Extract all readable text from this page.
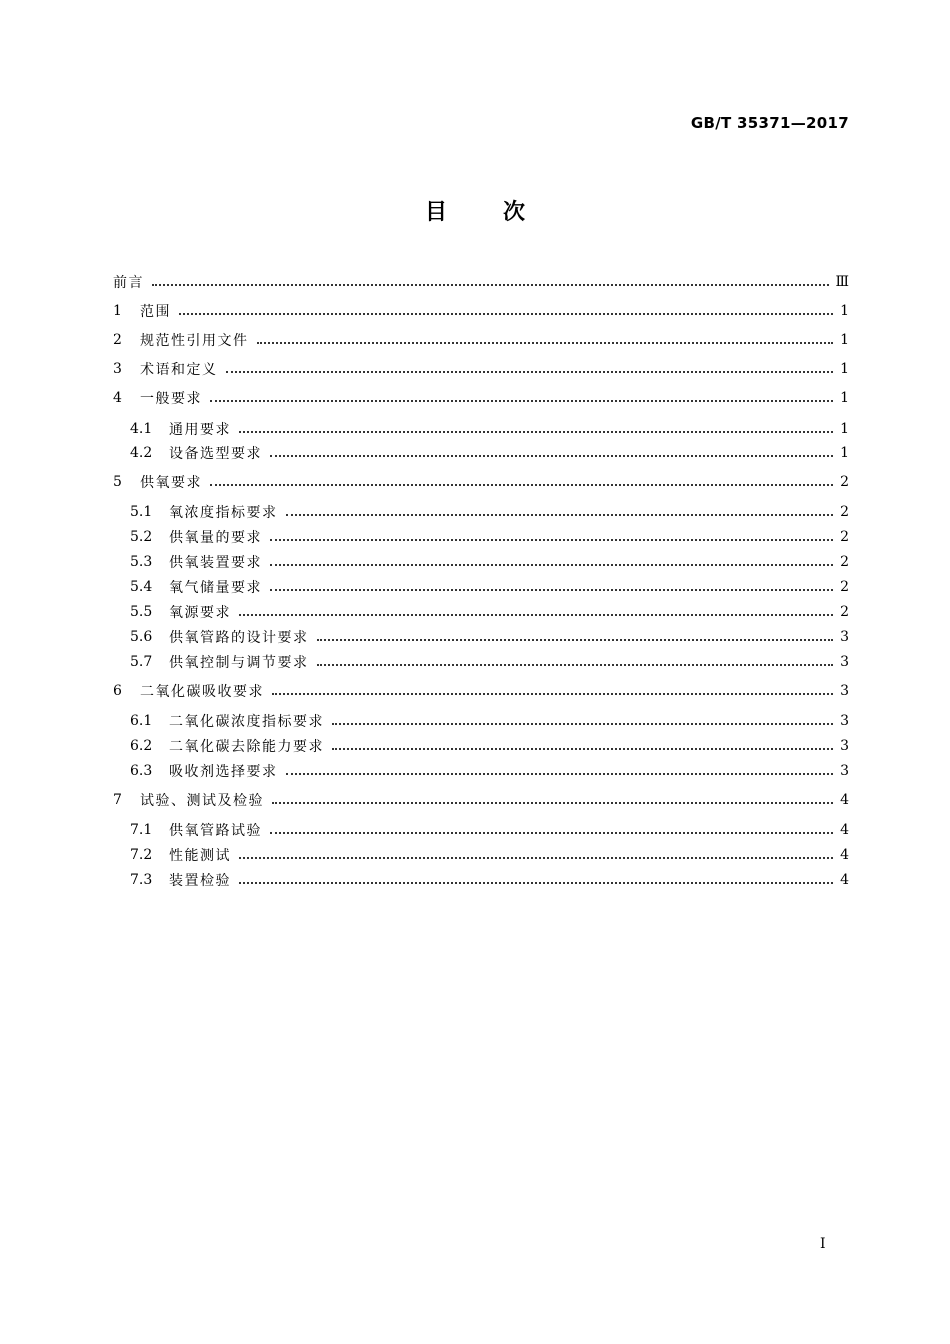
GB/T 35371—2017
目次
前言	Ⅲ
1	范围	1
2	规范性引用文件	1
3	术语和定义	1
4	一般要求	1
4.1	通用要求	1
4.2	设备选型要求	1
5	供氧要求	2
5.1	氧浓度指标要求	2
5.2	供氧量的要求	2
5.3	供氧装置要求	2
5.4	氧气储量要求	2
5.5	氧源要求	2
5.6	供氧管路的设计要求	3
5.7	供氧控制与调节要求	3
6	二氧化碳吸收要求	3
6.1	二氧化碳浓度指标要求	3
6.2	二氧化碳去除能力要求	3
6.3	吸收剂选择要求	3
7	试验、测试及检验	4
7.1	供氧管路试验	4
7.2	性能测试	4
7.3	装置检验	4
I
